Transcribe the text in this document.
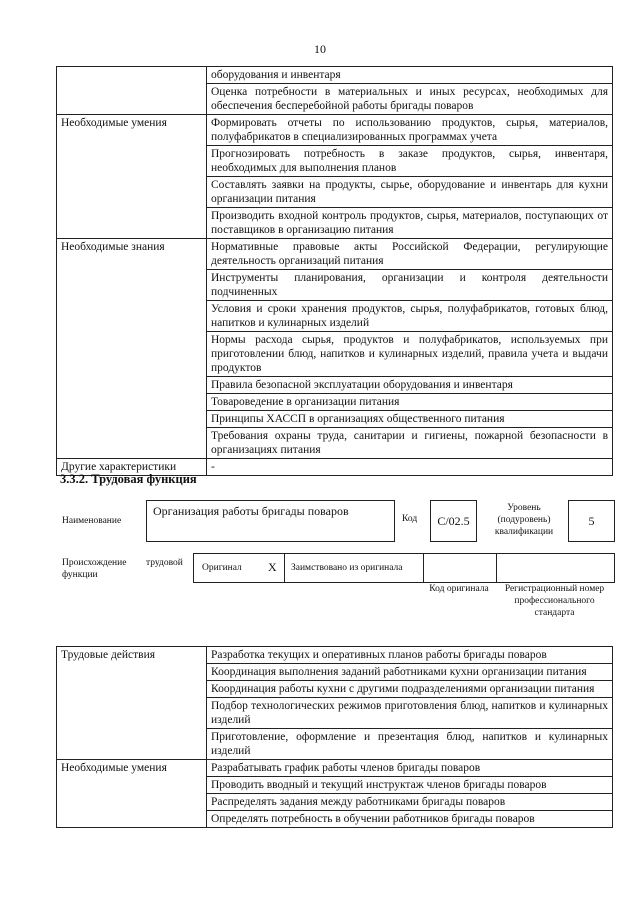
10
	оборудования и инвентаря
	Оценка потребности в материальных и иных ресурсах, необходимых для обеспечения бесперебойной работы бригады поваров
Необходимые умения	Формировать отчеты по использованию продуктов, сырья, материалов, полуфабрикатов в специализированных программах учета
	Прогнозировать потребность в заказе продуктов, сырья, инвентаря, необходимых для выполнения планов
	Составлять заявки на продукты, сырье, оборудование и инвентарь для кухни организации питания
	Производить входной контроль продуктов, сырья, материалов, поступающих от поставщиков в организацию питания
Необходимые знания	Нормативные правовые акты Российской Федерации, регулирующие деятельность организаций питания
	Инструменты планирования, организации и контроля деятельности подчиненных
	Условия и сроки хранения продуктов, сырья, полуфабрикатов, готовых блюд, напитков и кулинарных изделий
	Нормы расхода сырья, продуктов и полуфабрикатов, используемых при приготовлении блюд, напитков и кулинарных изделий, правила учета и выдачи продуктов
	Правила безопасной эксплуатации оборудования и инвентаря
	Товароведение в организации питания
	Принципы ХАССП в организациях общественного питания
	Требования охраны труда, санитарии и гигиены, пожарной безопасности в организациях питания
Другие характеристики	-
3.3.2. Трудовая функция
Наименование
Организация работы бригады поваров
Код	C/02.5
Уровень (подуровень) квалификации
5
Происхождение трудовой
функции
Оригинал X Заимствовано из оригинала
Код оригинала	Регистрационный номер профессионального стандарта
Трудовые действия	Разработка текущих и оперативных планов работы бригады поваров
	Координация выполнения заданий работниками кухни организации питания
	Координация работы кухни с другими подразделениями организации питания
	Подбор технологических режимов приготовления блюд, напитков и кулинарных изделий
	Приготовление, оформление и презентация блюд, напитков и кулинарных изделий
Необходимые умения	Разрабатывать график работы членов бригады поваров
	Проводить вводный и текущий инструктаж членов бригады поваров
	Распределять задания между работниками бригады поваров
	Определять потребность в обучении работников бригады поваров
